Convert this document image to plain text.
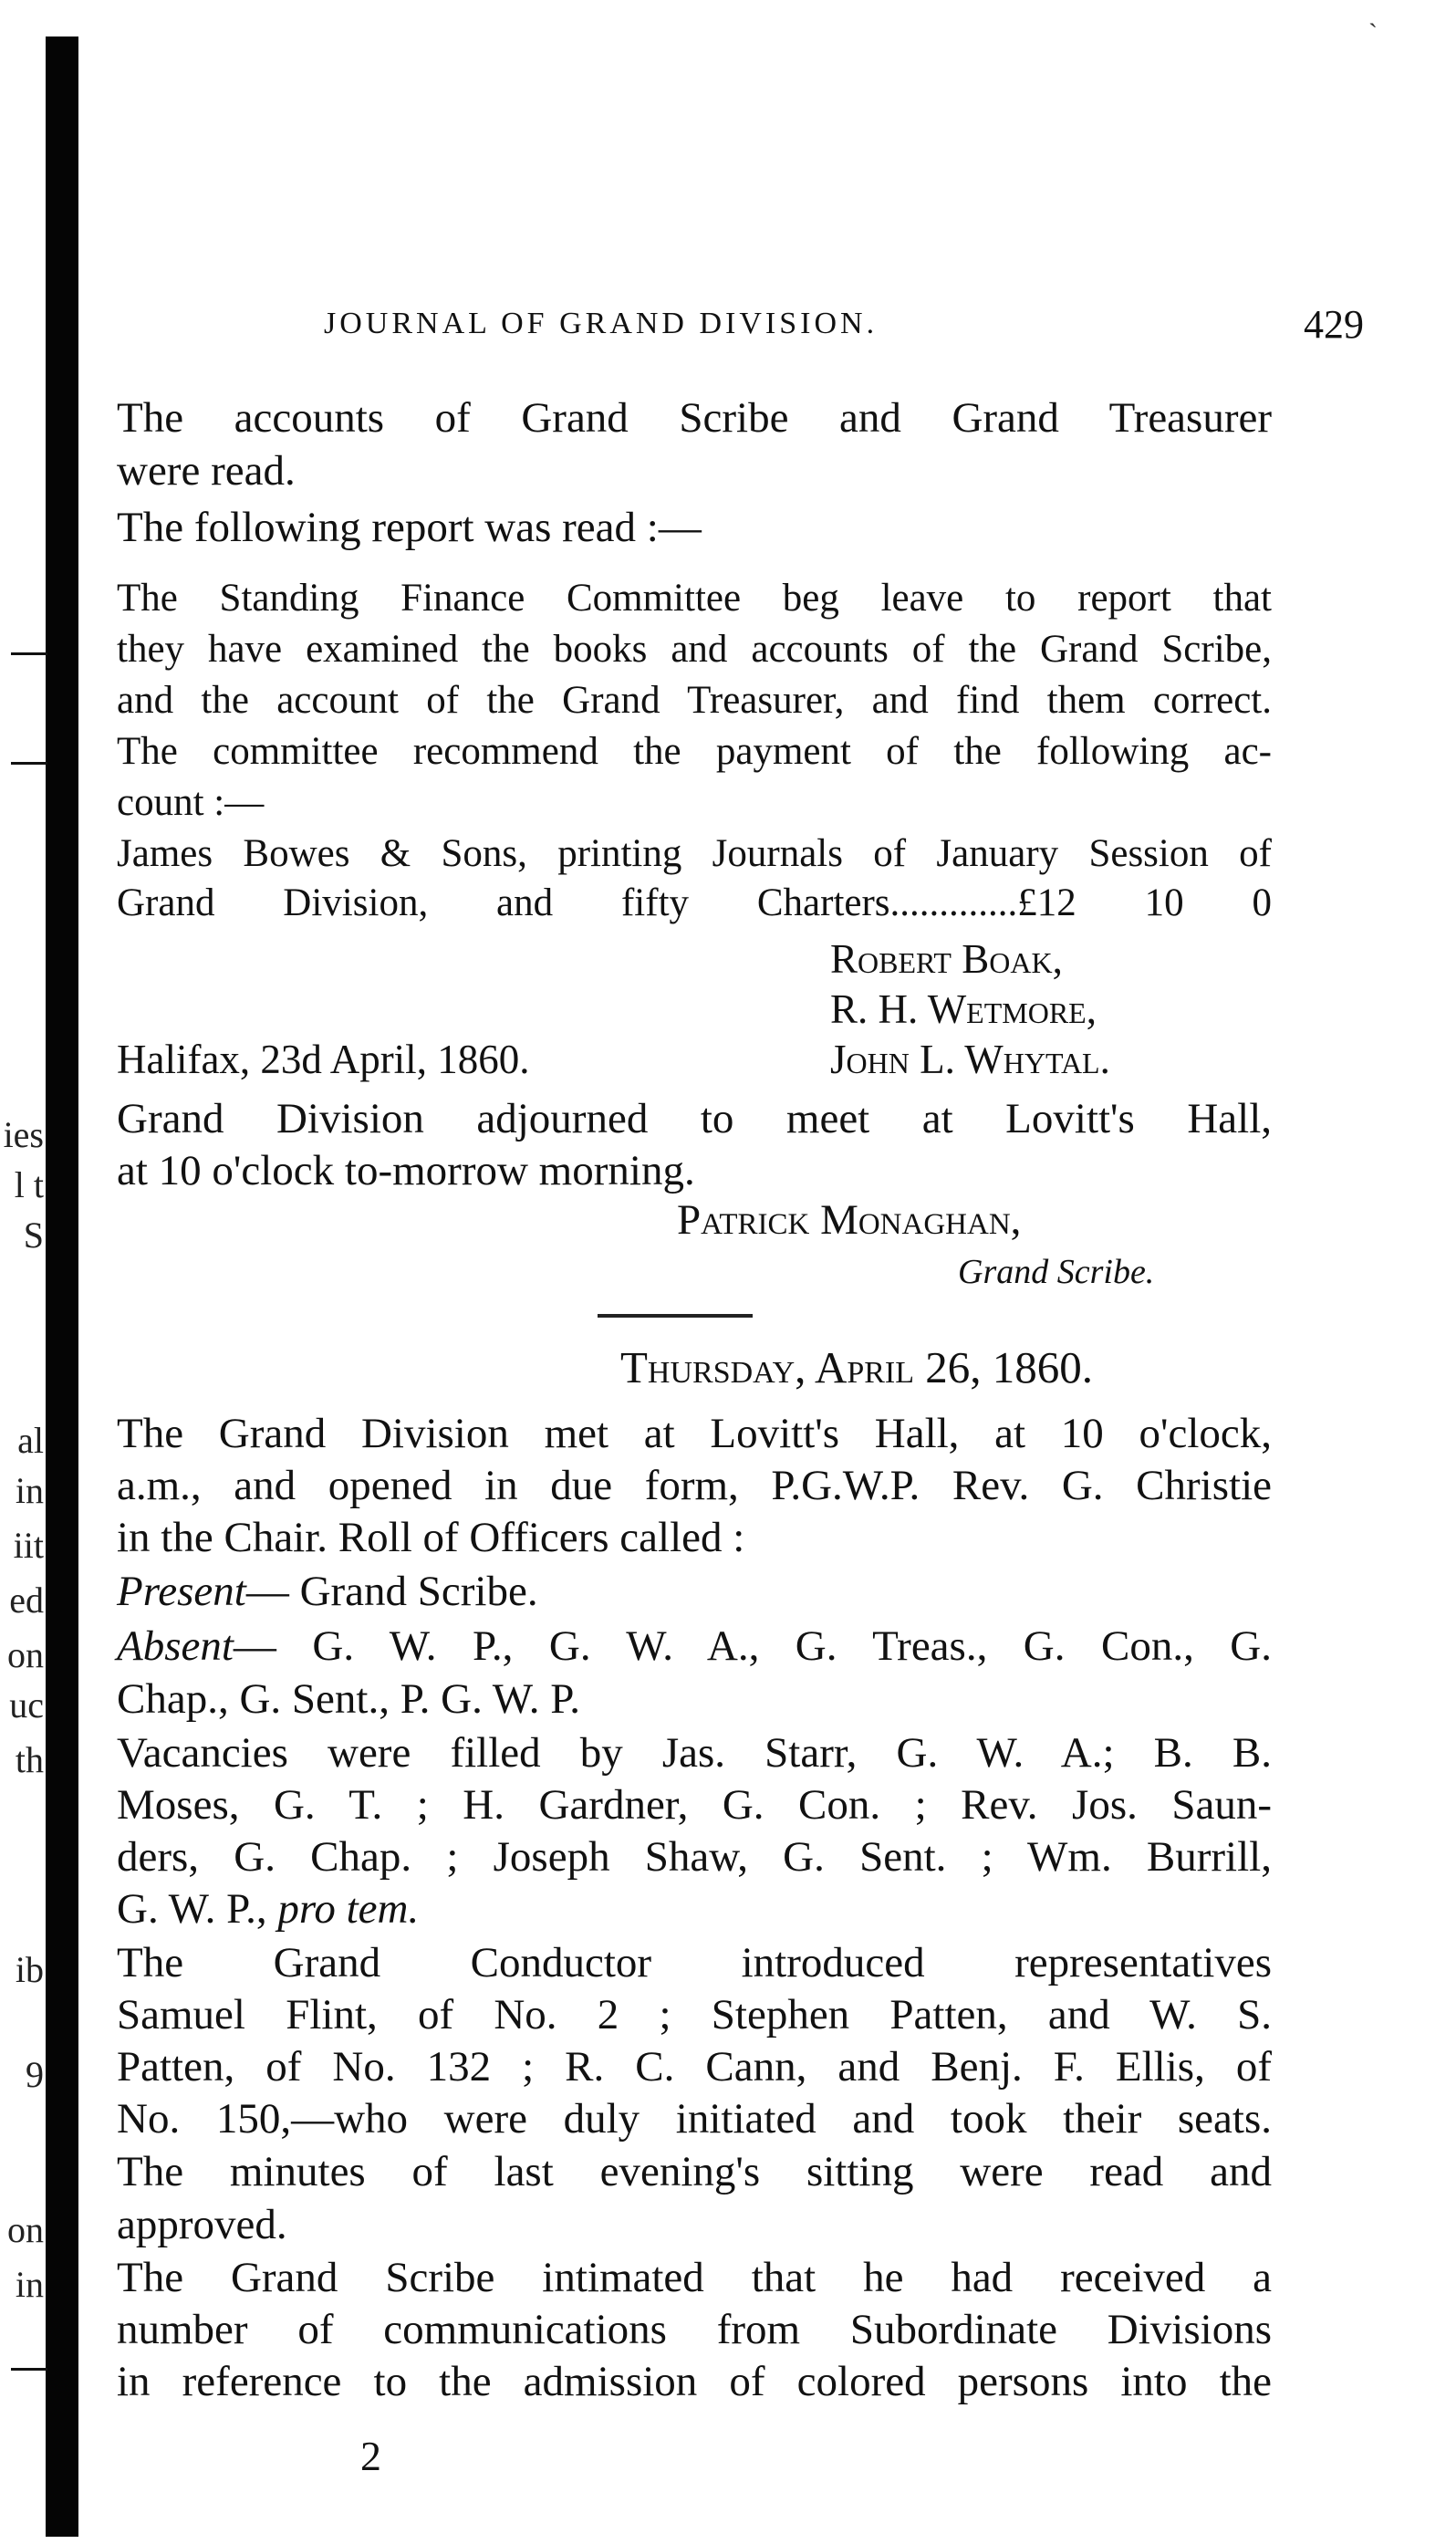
ies
l t
S
al
in
iit
ed
on
uc
th
ib
9
on
in
ˋ
JOURNAL OF GRAND DIVISION.	429
The accounts of Grand Scribe and Grand Treasurer
were read.
The following report was read :—
The Standing Finance Committee beg leave to report that
they have examined the books and accounts of the Grand Scribe,
and the account of the Grand Treasurer, and find them correct.
The committee recommend the payment of the following ac-
count :—
James Bowes & Sons, printing Journals of January Session of
Grand Division, and fifty Charters.............£12 10 0
Robert Boak,
R. H. Wetmore,
Halifax, 23d April, 1860.	John L. Whytal.
Grand Division adjourned to meet at Lovitt's Hall,
at 10 o'clock to-morrow morning.
Patrick Monaghan,
Grand Scribe.
Thursday, April 26, 1860.
The Grand Division met at Lovitt's Hall, at 10 o'clock,
a.m., and opened in due form, P.G.W.P. Rev. G. Christie
in the Chair. Roll of Officers called :
Present— Grand Scribe.
Absent— G. W. P., G. W. A., G. Treas., G. Con., G.
Chap., G. Sent., P. G. W. P.
Vacancies were filled by Jas. Starr, G. W. A.; B. B.
Moses, G. T. ; H. Gardner, G. Con. ; Rev. Jos. Saun-
ders, G. Chap. ; Joseph Shaw, G. Sent. ; Wm. Burrill,
G. W. P., pro tem.
The Grand Conductor introduced representatives
Samuel Flint, of No. 2 ; Stephen Patten, and W. S.
Patten, of No. 132 ; R. C. Cann, and Benj. F. Ellis, of
No. 150,—who were duly initiated and took their seats.
The minutes of last evening's sitting were read and
approved.
The Grand Scribe intimated that he had received a
number of communications from Subordinate Divisions
in reference to the admission of colored persons into the
2
